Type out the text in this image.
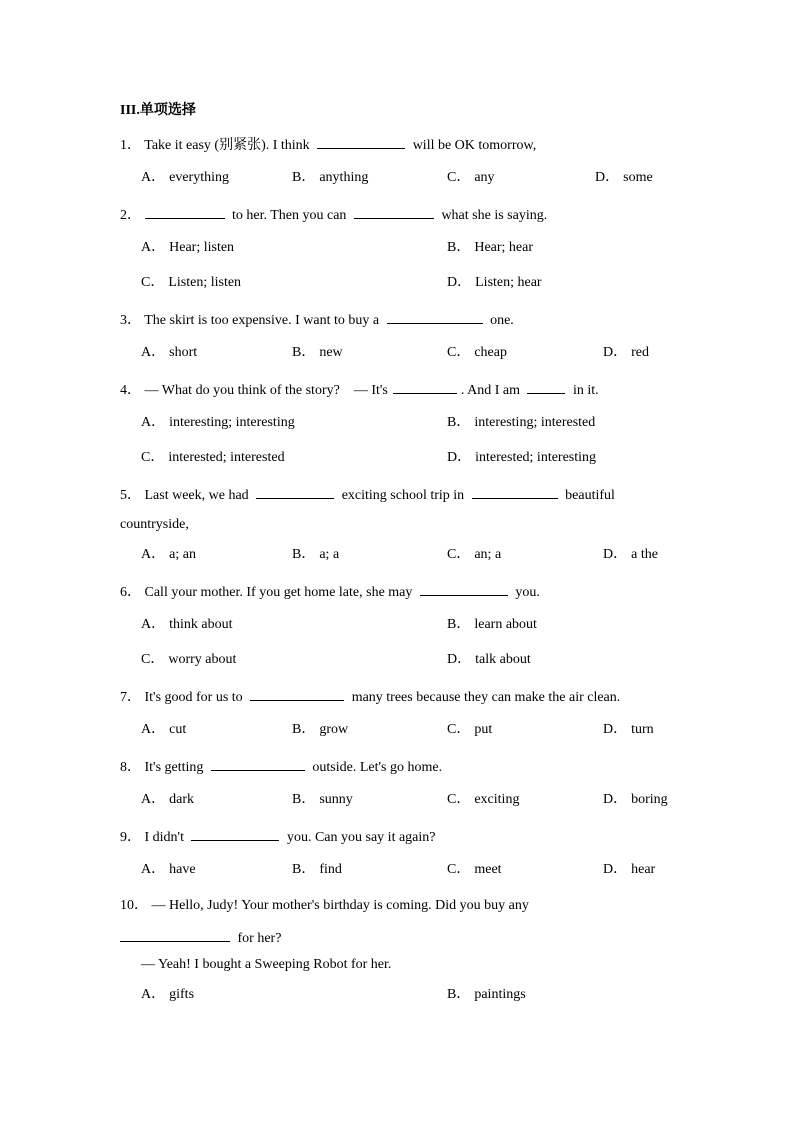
III.单项选择
1． Take it easy (别紧张). I think	will be OK tomorrow,
A． everything	B． anything	C． any	D． some
2．	to her. Then you can	what she is saying.
A． Hear; listen	B． Hear; hear
C． Listen; listen	D． Listen; hear
3． The skirt is too expensive. I want to buy a	one.
A． short	B． new	C． cheap	D． red
4． — What do you think of the story?　— It's	. And I am	in it.
A． interesting; interesting	B． interesting; interested
C． interested; interested	D． interested; interesting
5． Last week, we had	exciting school trip in	beautiful
countryside,
A． a; an	B． a; a	C． an; a	D． a the
6． Call your mother. If you get home late, she may	you.
A． think about	B． learn about
C． worry about	D． talk about
7． It's good for us to	many trees because they can make the air clean.
A． cut	B． grow	C． put	D． turn
8． It's getting	outside. Let's go home.
A． dark	B． sunny	C． exciting	D． boring
9． I didn't	you. Can you say it again?
A． have	B． find	C． meet	D． hear
10． — Hello, Judy! Your mother's birthday is coming. Did you buy any
for her?
— Yeah! I bought a Sweeping Robot for her.
A． gifts	B． paintings
